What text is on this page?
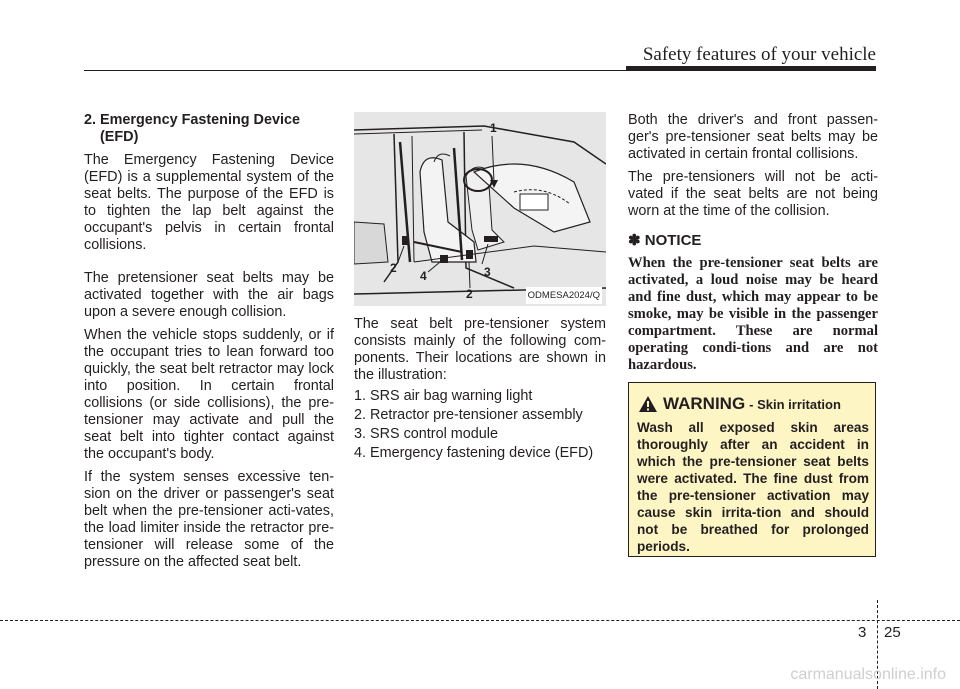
Safety features of your vehicle
2. Emergency Fastening Device (EFD)

The Emergency Fastening Device (EFD) is a supplemental system of the seat belts. The purpose of the EFD is to tighten the lap belt against the occupant's pelvis in certain frontal collisions.

The pretensioner seat belts may be activated together with the air bags upon a severe enough collision.

When the vehicle stops suddenly, or if the occupant tries to lean forward too quickly, the seat belt retractor may lock into position. In certain frontal collisions (or side collisions), the pre-tensioner may activate and pull the seat belt into tighter contact against the occupant's body.

If the system senses excessive ten-sion on the driver or passenger's seat belt when the pre-tensioner acti-vates, the load limiter inside the retractor pre-tensioner will release some of the pressure on the affected seat belt.

1
2
4	3
2	ODMESA2024/Q

The seat belt pre-tensioner system consists mainly of the following com-ponents. Their locations are shown in the illustration:

1. SRS air bag warning light
2. Retractor pre-tensioner assembly
3. SRS control module
4. Emergency fastening device (EFD)

Both the driver's and front passen-ger's pre-tensioner seat belts may be activated in certain frontal collisions.

The pre-tensioners will not be acti-vated if the seat belts are not being worn at the time of the collision.

✽ NOTICE

When the pre-tensioner seat belts are activated, a loud noise may be heard and fine dust, which may appear to be smoke, may be visible in the passenger compartment. These are normal operating condi-tions and are not hazardous.

WARNING - Skin irritation
Wash all exposed skin areas thoroughly after an accident in which the pre-tensioner seat belts were activated. The fine dust from the pre-tensioner activation may cause skin irrita-tion and should not be breathed for prolonged periods.
3 25
carmanualsonline.info
